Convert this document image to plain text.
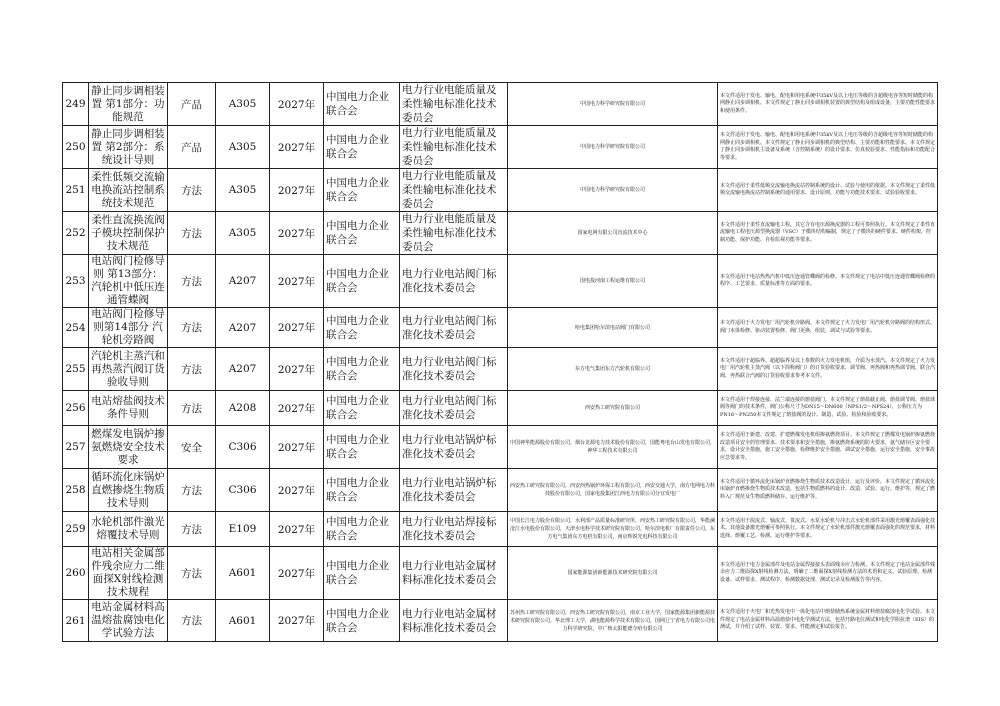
249	静止同步调相装置 第1部分：功能规范	产品	A305	2027年	中国电力企业联合会	电力行业电能质量及柔性输电标准化技术委员会	中国电力科学研究院有限公司	本文件适用于发电、输电、配电和用电系统中35kV及以上电压等级的含超级电容等短时储能的构网静止同步调相机。本文件规定了静止同步调相机装置的典型结构及组成设备，主要功能性能要求和使用条件。
250	静止同步调相装置 第2部分：系统设计导则	产品	A305	2027年	中国电力企业联合会	电力行业电能质量及柔性输电标准化技术委员会	中国电力科学研究院有限公司	本文件适用于发电、输电、配电和用电系统中35kV及以上电压等级的含超级电容等短时储能的构网静止同步调相机。本文件规定了静止同步调相机的典型结构、主要功能和性能要求。本文件规定了静止同步调相机主设备及系统（含控制系统）的设计要求、仿真校验要求、性能指标和功能配合等要求。
251	柔性低频交流输电换流站控制系统技术规范	方法	A305	2027年	中国电力企业联合会	电力行业电能质量及柔性输电标准化技术委员会	中国电力科学研究院有限公司	本文件适用于柔性低频交流输电换流站控制系统的设计、试验与使用的依据。本文件规定了柔性低频交流输电换流站控制系统的通用要求、设计原则、功能与功能技术要求、试验验收要求。
252	柔性直流换流阀子模块控制保护技术规范	方法	A305	2027年	中国电力企业联合会	电力行业电能质量及柔性输电标准化技术委员会	国家电网有限公司直流技术中心	本文件适用于柔性直流输电工程，其它含有电压源换流器的工程可参照执行。本文件规定了柔性直流输电工程电压源型换流器（VSC）子模块结构编制，规定了子模块的硬件要求、硬件构架、控制功能、保护功能、自检监视功能等要求。
253	电站阀门检修导则 第13部分：汽轮机中低压连通管蝶阀	方法	A207	2027年	中国电力企业联合会	电力行业电站阀门标准化技术委员会	国电投河南工程运维有限公司	本文件适用于电站热热汽机中低压连通管蝶阀的检修。本文件规定了电站中低压连通管蝶阀检修的程序、工艺要求、质量标准等方面的要求。
254	电站阀门检修导则第14部分 汽轮机旁路阀	方法	A207	2027年	中国电力企业联合会	电力行业电站阀门标准化技术委员会	哈电集团哈尔滨电站阀门有限公司	本文件适用于火力发电厂用汽轮机旁路阀。本文件规定了火力发电厂用汽轮机旁路阀的结构形式、阀门本体检修、驱动装置检修、阀门更换、组装、调试与试验等要求。
255	汽轮机主蒸汽和再热蒸汽阀订货验收导则	方法	A207	2027年	中国电力企业联合会	电力行业电站阀门标准化技术委员会	东方电气集团东方汽轮机有限公司	本文件适用于超临界、超超临界及以上参数的火力发电机组，介质为水蒸汽。本文件规定了火力发电厂用汽轮机主蒸汽阀（以下简称阀门）的订货验收要求，调节阀、再热阀和再热调节阀、联合汽阀、再热联合汽阀的订货验收要求参考本文件。
256	电站熔盐阀技术条件导则	方法	A208	2027年	中国电力企业联合会	电力行业电站阀门标准化技术委员会	西安热工研究院有限公司	本文件适用于焊接连接、法兰端连接的熔盐阀门。本文件规定了熔盐截止阀、熔盐调节阀、熔盐球阀等阀门的技术条件，阀门公称尺寸为DN15～DN600（NPS1/2～NPS24），公称压力为PN16～PN250本文件规定了熔盐阀的设计、制造、试验、检验和验收要求。
257	燃煤发电锅炉掺氨燃烧安全技术要求	安全	C306	2027年	中国电力企业联合会	电力行业电站锅炉标准化技术委员会	中国神华能源股份有限公司，烟台龙源电力技术股份有限公司，国能粤电台山发电有限公司，神华工程技术有限公司	本文件适用于新建、改建、扩建燃煤发电机组掺氨燃烧项目。本文件规定了燃煤发电锅炉掺氨燃烧改造项目安全的管理要求、技术要求和安全措施，掺氨燃烧系统的防火要求，氨气储存区安全要求，设计安全措施，施工安全措施，检修维护安全措施，调试安全措施，运行安全措施，安全事故应急要求等。
258	循环流化床锅炉直燃掺烧生物质技术导则	方法	C306	2027年	中国电力企业联合会	电力行业电站锅炉标准化技术委员会	西安热工研究院有限公司，西安西热锅炉环保工程有限公司，西安交通大学，南方电网电力科技股份有限公司，国家电投集团江西电力有限公司分宜发电厂	本文件适用于循环流化床锅炉直燃掺烧生物质技术改造设计、运行及评价。本文件规定了循环流化床锅炉直燃掺烧生物质技术改造，包括生物质燃料的设计、改造、试验、运行、维护等，规定了燃料入厂规范及生物质燃料储存、运行维护等。
259	水轮机部件激光熔覆技术导则	方法	E109	2027年	中国电力企业联合会	电力行业电站焊接标准化技术委员会	中国长江电力股份有限公司，水利部产品质量标准研究所，西安热工研究院有限公司，华能澜沧江水电股份有限公司，天津水电科学技术研究院有限公司，哈尔滨电机厂有限责任公司，东方电气集团东方电机有限公司，南京辉锐光电科技有限公司	本文件适用于混流式、轴流式、贯流式、水泵水轮机与冲击式水轮机部件采用激光熔覆表面强化技术。其他设备激光熔覆可参照执行。本文件规定了水轮机部件激光熔覆表面强化的规范要求，材料选择、熔覆工艺、检测、运行维护等要求。
260	电站相关金属部件残余应力二维面探X射线检测技术规程	方法	A601	2027年	中国电力企业联合会	电力行业电站金属材料标准化技术委员会	国家能源集团新能源技术研究院有限公司	本文件适用于电力金属部件及电站金属焊接接头表面残余应力检测。本文件规定了电站金属部件残余应力二维面探X射线检测方法，明确了二维面探X射线检测方法的术语和定义、试验原理、检测设备、试样要求、测试程序、检测数据处理、测试记录及检测报告等内容。
261	电站金属材料高温熔盐腐蚀电化学试验方法	方法	A601	2027年	中国电力企业联合会	电力行业电站金属材料标准化技术委员会	苏州热工研究院有限公司，西安热工研究院有限公司，南京工业大学，国家能源集团新能源技术研究院有限公司，华北理工大学，湖电能源科学技术有限公司，国网辽宁省电力有限公司电力科学研究院，中广核太阳能德令哈有限公司	本文件适用于火电厂和光热发电中一体化电站中熔盐储热系统金属材料熔盐腐蚀电化学试验。本文件规定了电站金属材料高温熔盐中电化学测试方法，包括开路电位测试和电化学阻抗谱（EIS）的测试，并介绍了试样、装置、要求、性能测定和试验报告。
